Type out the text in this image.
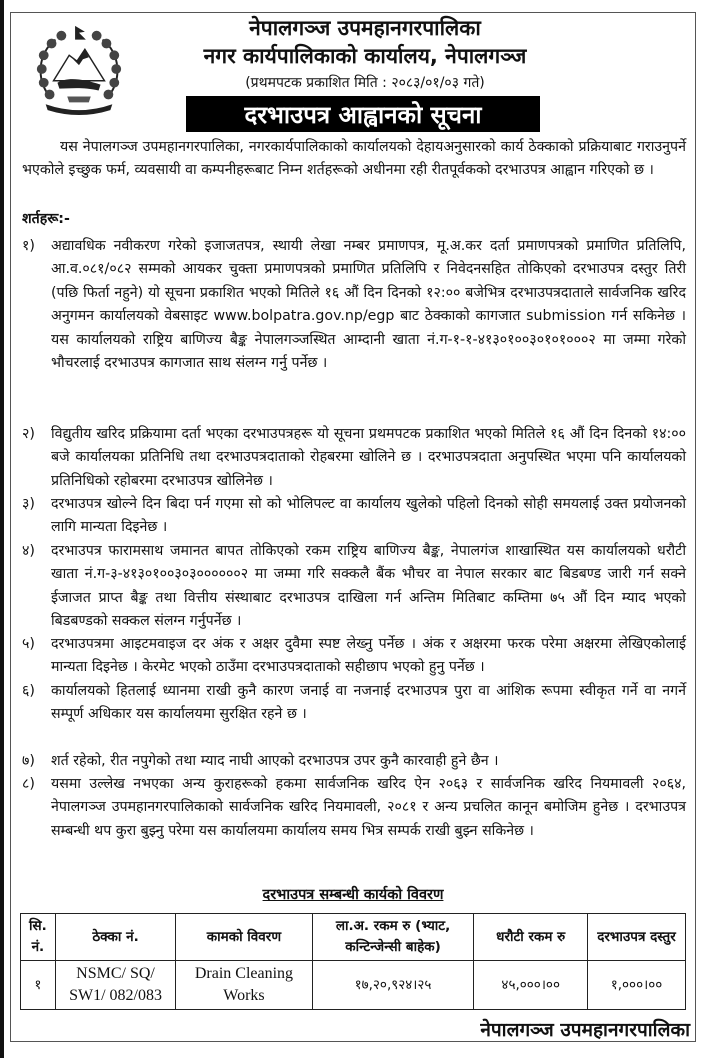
नेपालगञ्ज उपमहानगरपालिका
नगर कार्यपालिकाको कार्यालय, नेपालगञ्ज
(प्रथमपटक प्रकाशित मिति : २०८३/०१/०३ गते)
दरभाउपत्र आह्वानको सूचना
यस नेपालगञ्ज उपमहानगरपालिका, नगरकार्यपालिकाको कार्यालयको देहायअनुसारको कार्य ठेक्काको प्रक्रियाबाट गराउनुपर्ने भएकोले इच्छुक फर्म, व्यवसायी वा कम्पनीहरूबाट निम्न शर्तहरूको अधीनमा रही रीतपूर्वकको दरभाउपत्र आह्वान गरिएको छ ।
शर्तहरू:-
१)	अद्यावधिक नवीकरण गरेको इजाजतपत्र, स्थायी लेखा नम्बर प्रमाणपत्र, मू.अ.कर दर्ता प्रमाणपत्रको प्रमाणित प्रतिलिपि, आ.व.०८१/०८२ सम्मको आयकर चुक्ता प्रमाणपत्रको प्रमाणित प्रतिलिपि र निवेदनसहित तोकिएको दरभाउपत्र दस्तुर तिरी (पछि फिर्ता नहुने) यो सूचना प्रकाशित भएको मितिले १६ औं दिन दिनको १२:०० बजेभित्र दरभाउपत्रदाताले सार्वजनिक खरिद अनुगमन कार्यालयको वेबसाइट www.bolpatra.gov.np/egp बाट ठेक्काको कागजात submission गर्न सकिनेछ । यस कार्यालयको राष्ट्रिय बाणिज्य बैङ्क नेपालगञ्जस्थित आम्दानी खाता नं.ग-१-१-४१३०१००३०१०१०००२ मा जम्मा गरेको भौचरलाई दरभाउपत्र कागजात साथ संलग्न गर्नु पर्नेछ ।
२)	विद्युतीय खरिद प्रक्रियामा दर्ता भएका दरभाउपत्रहरू यो सूचना प्रथमपटक प्रकाशित भएको मितिले १६ औं दिन दिनको १४:०० बजे कार्यालयका प्रतिनिधि तथा दरभाउपत्रदाताको रोहबरमा खोलिने छ । दरभाउपत्रदाता अनुपस्थित भएमा पनि कार्यालयको प्रतिनिधिको रहोबरमा दरभाउपत्र खोलिनेछ ।
३)	दरभाउपत्र खोल्ने दिन बिदा पर्न गएमा सो को भोलिपल्ट वा कार्यालय खुलेको पहिलो दिनको सोही समयलाई उक्त प्रयोजनको लागि मान्यता दिइनेछ ।
४)	दरभाउपत्र फारामसाथ जमानत बापत तोकिएको रकम राष्ट्रिय बाणिज्य बैङ्क, नेपालगंज शाखास्थित यस कार्यालयको धरौटी खाता नं.ग-३-४१३०१००३०३००००००२ मा जम्मा गरि सक्कलै बैंक भौचर वा नेपाल सरकार बाट बिडबण्ड जारी गर्न सक्ने ईजाजत प्राप्त बैङ्क तथा वित्तीय संस्थाबाट दरभाउपत्र दाखिला गर्न अन्तिम मितिबाट कम्तिमा ७५ औं दिन म्याद भएको बिडबण्डको सक्कल संलग्न गर्नुपर्नेछ ।
५)	दरभाउपत्रमा आइटमवाइज दर अंक र अक्षर दुवैमा स्पष्ट लेख्नु पर्नेछ । अंक र अक्षरमा फरक परेमा अक्षरमा लेखिएकोलाई मान्यता दिइनेछ । केरमेट भएको ठाउँमा दरभाउपत्रदाताको सहीछाप भएको हुनु पर्नेछ ।
६)	कार्यालयको हितलाई ध्यानमा राखी कुनै कारण जनाई वा नजनाई दरभाउपत्र पुरा वा आंशिक रूपमा स्वीकृत गर्ने वा नगर्ने सम्पूर्ण अधिकार यस कार्यालयमा सुरक्षित रहने छ ।
७)	शर्त रहेको, रीत नपुगेको तथा म्याद नाघी आएको दरभाउपत्र उपर कुनै कारवाही हुने छैन ।
८)	यसमा उल्लेख नभएका अन्य कुराहरूको हकमा सार्वजनिक खरिद ऐन २०६३ र सार्वजनिक खरिद नियमावली २०६४, नेपालगञ्ज उपमहानगरपालिकाको सार्वजनिक खरिद नियमावली, २०८१ र अन्य प्रचलित कानून बमोजिम हुनेछ । दरभाउपत्र सम्बन्धी थप कुरा बुझ्नु परेमा यस कार्यालयमा कार्यालय समय भित्र सम्पर्क राखी बुझ्न सकिनेछ ।
दरभाउपत्र सम्बन्धी कार्यको विवरण
सि. नं.	ठेक्का नं.	कामको विवरण	ला.अ. रकम रु (भ्याट, कन्टिन्जेन्सी बाहेक)	धरौटी रकम रु	दरभाउपत्र दस्तुर
१	NSMC/ SQ/ SW1/ 082/083	Drain Cleaning Works	१७,२०,९२४।२५	४५,०००।००	१,०००।००
नेपालगञ्ज उपमहानगरपालिका
